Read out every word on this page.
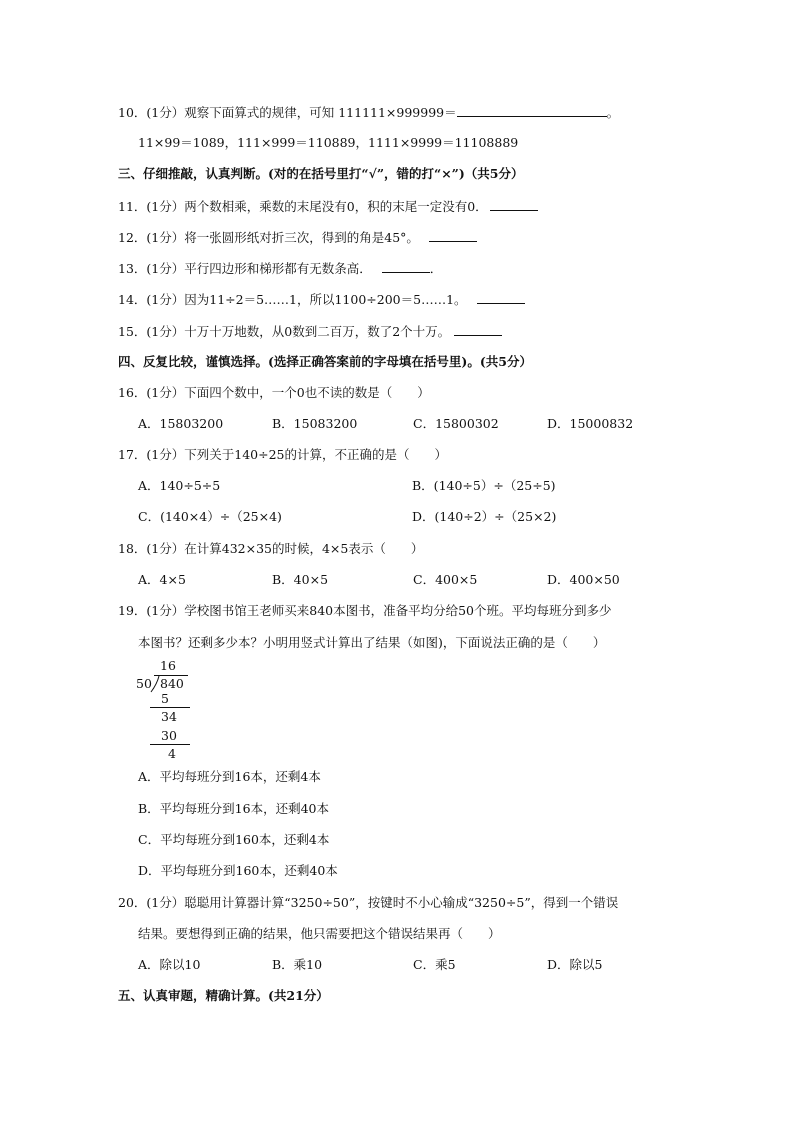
10．(1分）观察下面算式的规律，可知 111111×999999＝	。
11×99＝1089，111×999＝110889，1111×9999＝11108889
三、仔细推敲，认真判断。(对的在括号里打“√”，错的打“×”)（共5分）
11．(1分）两个数相乘，乘数的末尾没有0，积的末尾一定没有0．
12．(1分）将一张圆形纸对折三次，得到的角是45°。
13．(1分）平行四边形和梯形都有无数条高．	．
14．(1分）因为11÷2＝5……1，所以1100÷200＝5……1。
15．(1分）十万十万地数，从0数到二百万，数了2个十万。
四、反复比较，谨慎选择。(选择正确答案前的字母填在括号里)。(共5分）
16．(1分）下面四个数中，一个0也不读的数是（　　）
A．15803200	B．15083200	C．15800302	D．15000832
17．(1分）下列关于140÷25的计算，不正确的是（　　）
A．140÷5÷5	B．(140÷5）÷（25÷5)
C．(140×4）÷（25×4)	D．(140÷2）÷（25×2)
18．(1分）在计算432×35的时候，4×5表示（　　）
A．4×5	B．40×5	C．400×5	D．400×50
19．(1分）学校图书馆王老师买来840本图书，准备平均分给50个班。平均每班分到多少
本图书？还剩多少本？小明用竖式计算出了结果（如图)，下面说法正确的是（　　）
16
50 840
5
34
30
4
A．平均每班分到16本，还剩4本
B．平均每班分到16本，还剩40本
C．平均每班分到160本，还剩4本
D．平均每班分到160本，还剩40本
20．(1分）聪聪用计算器计算“3250÷50”，按键时不小心输成“3250÷5”，得到一个错误
结果。要想得到正确的结果，他只需要把这个错误结果再（　　）
A．除以10	B．乘10	C．乘5	D．除以5
五、认真审题，精确计算。(共21分）
